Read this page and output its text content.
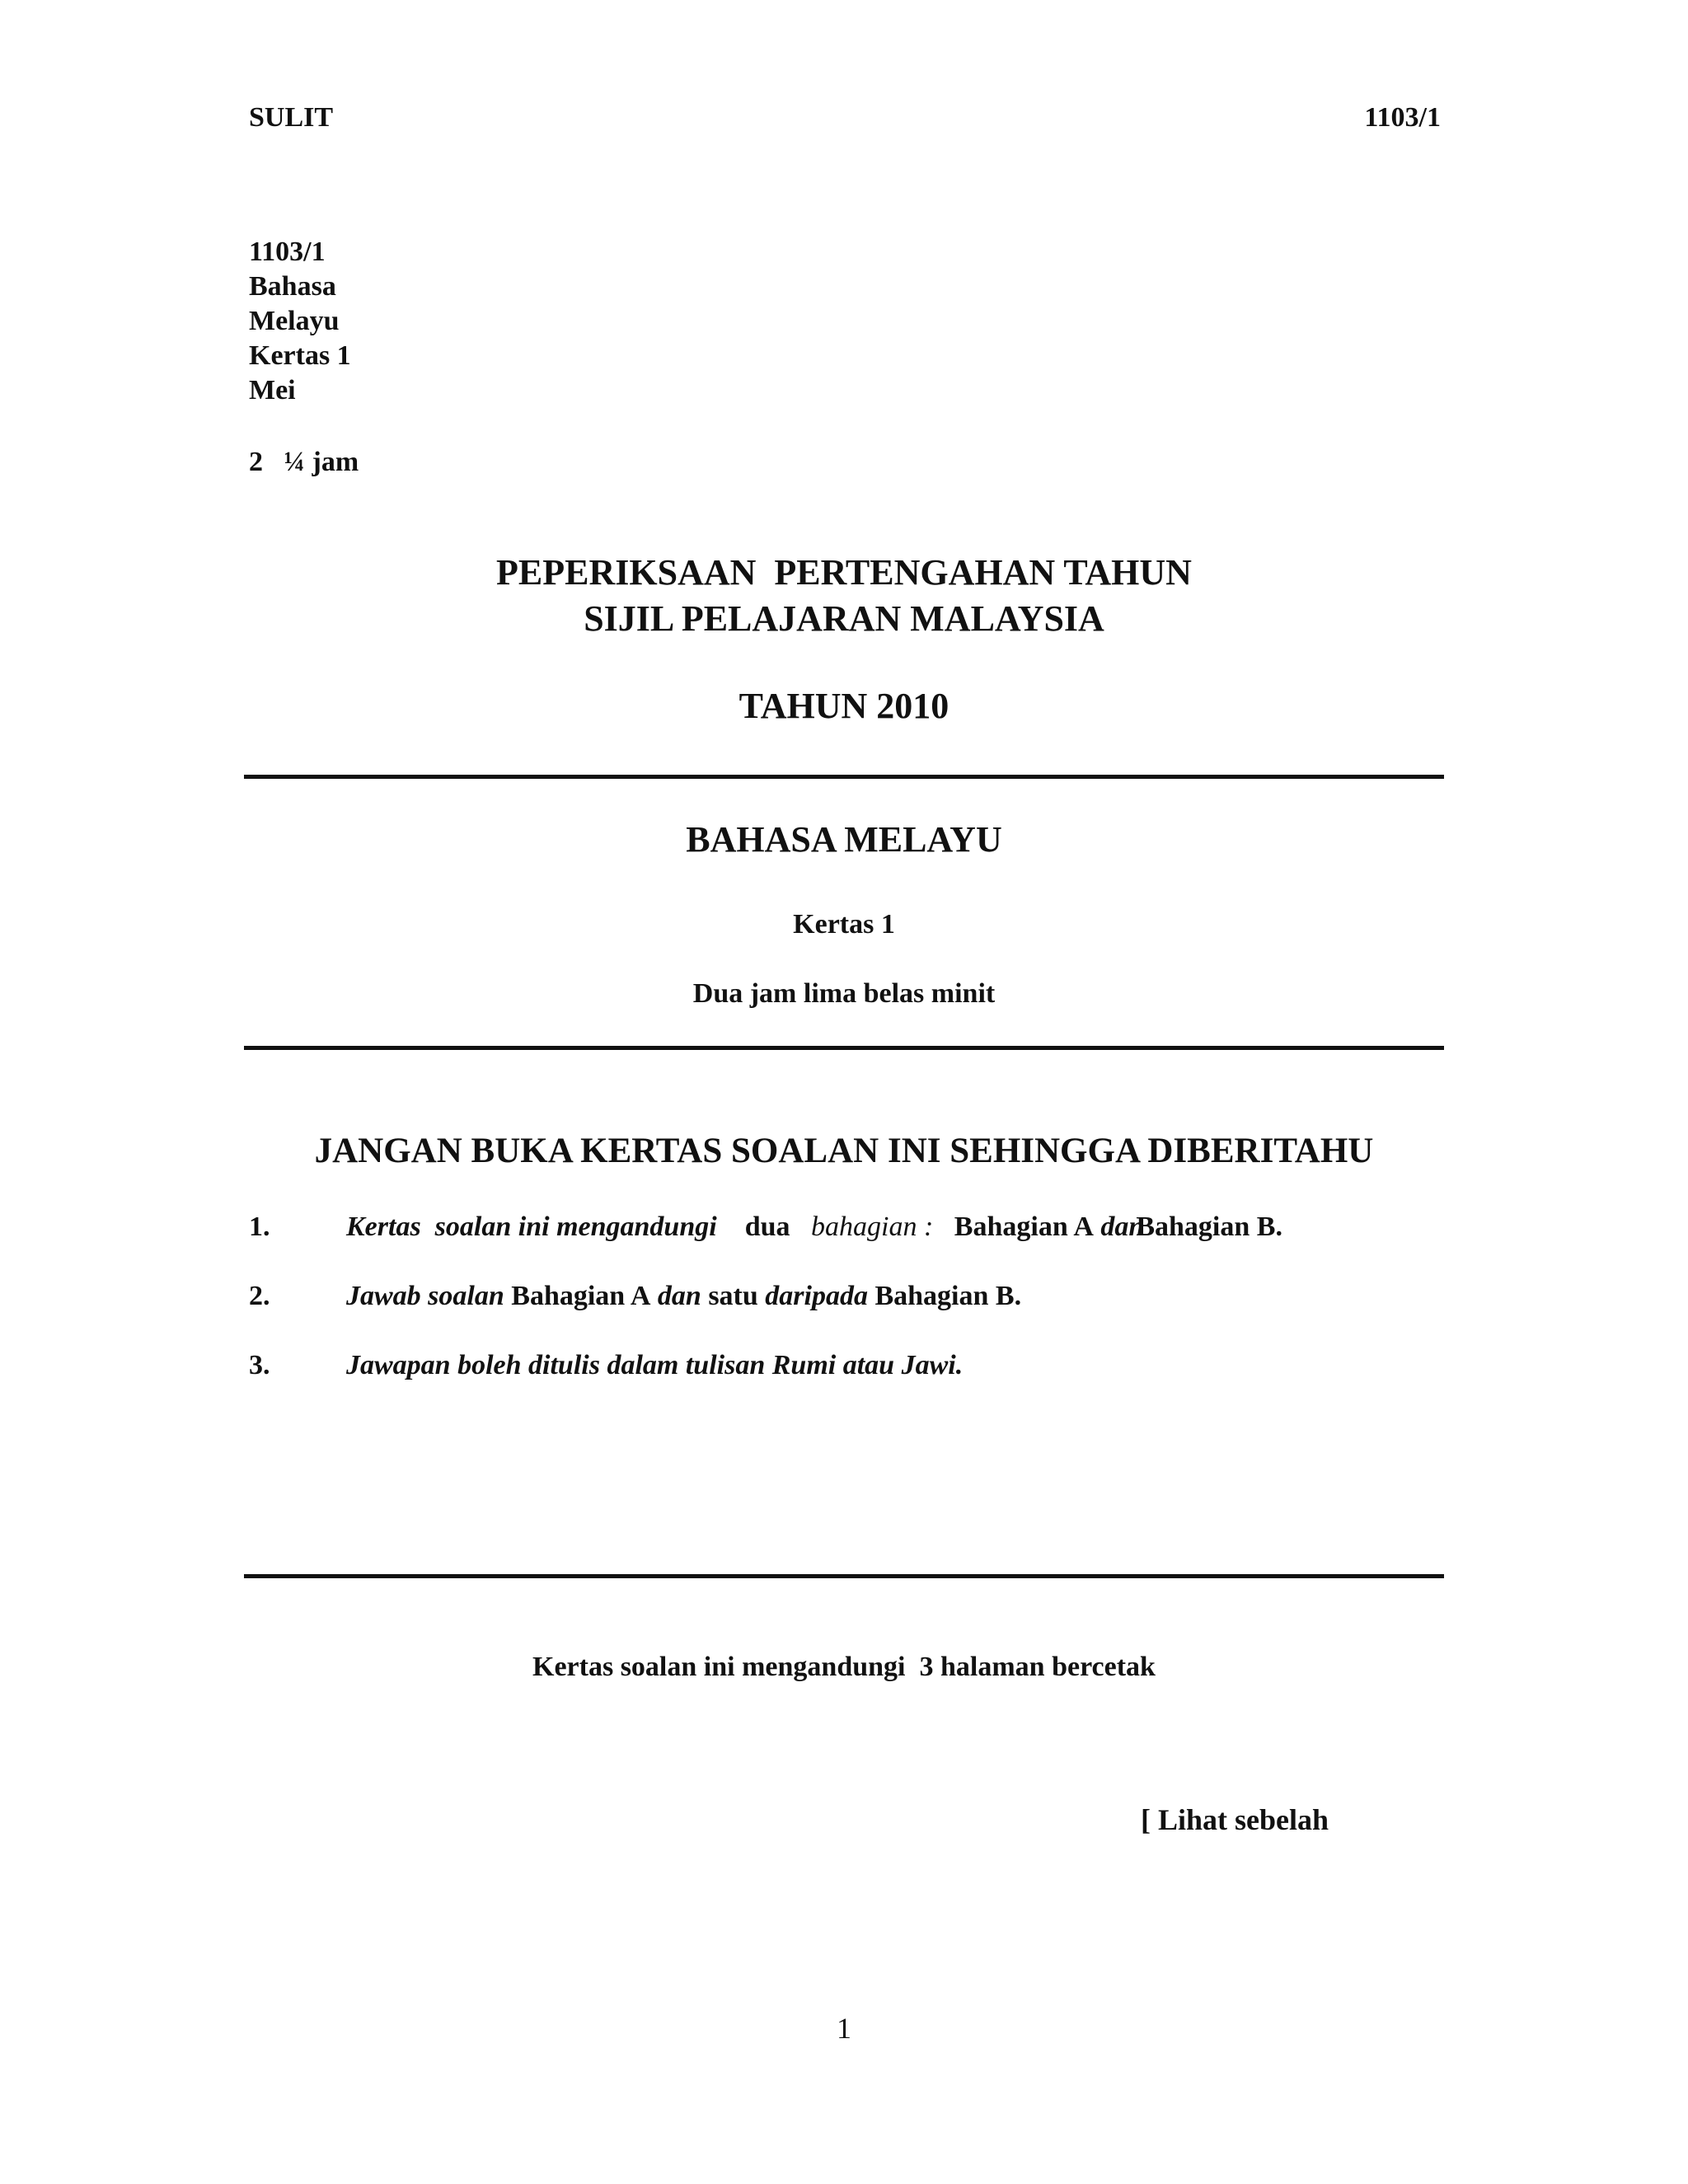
SULIT	1103/1
1103/1
Bahasa
Melayu
Kertas 1
Mei
2   ¼ jam
PEPERIKSAAN  PERTENGAHAN TAHUN
SIJIL PELAJARAN MALAYSIA
TAHUN 2010
BAHASA MELAYU
Kertas 1
Dua jam lima belas minit
JANGAN BUKA KERTAS SOALAN INI SEHINGGA DIBERITAHU
1.	Kertas  soalan ini mengandungi dua bahagian : Bahagian A danBahagian B.
2.	Jawab soalan Bahagian A dan satu daripada Bahagian B.
3.	Jawapan boleh ditulis dalam tulisan Rumi atau Jawi.
Kertas soalan ini mengandungi  3 halaman bercetak
[ Lihat sebelah
1
